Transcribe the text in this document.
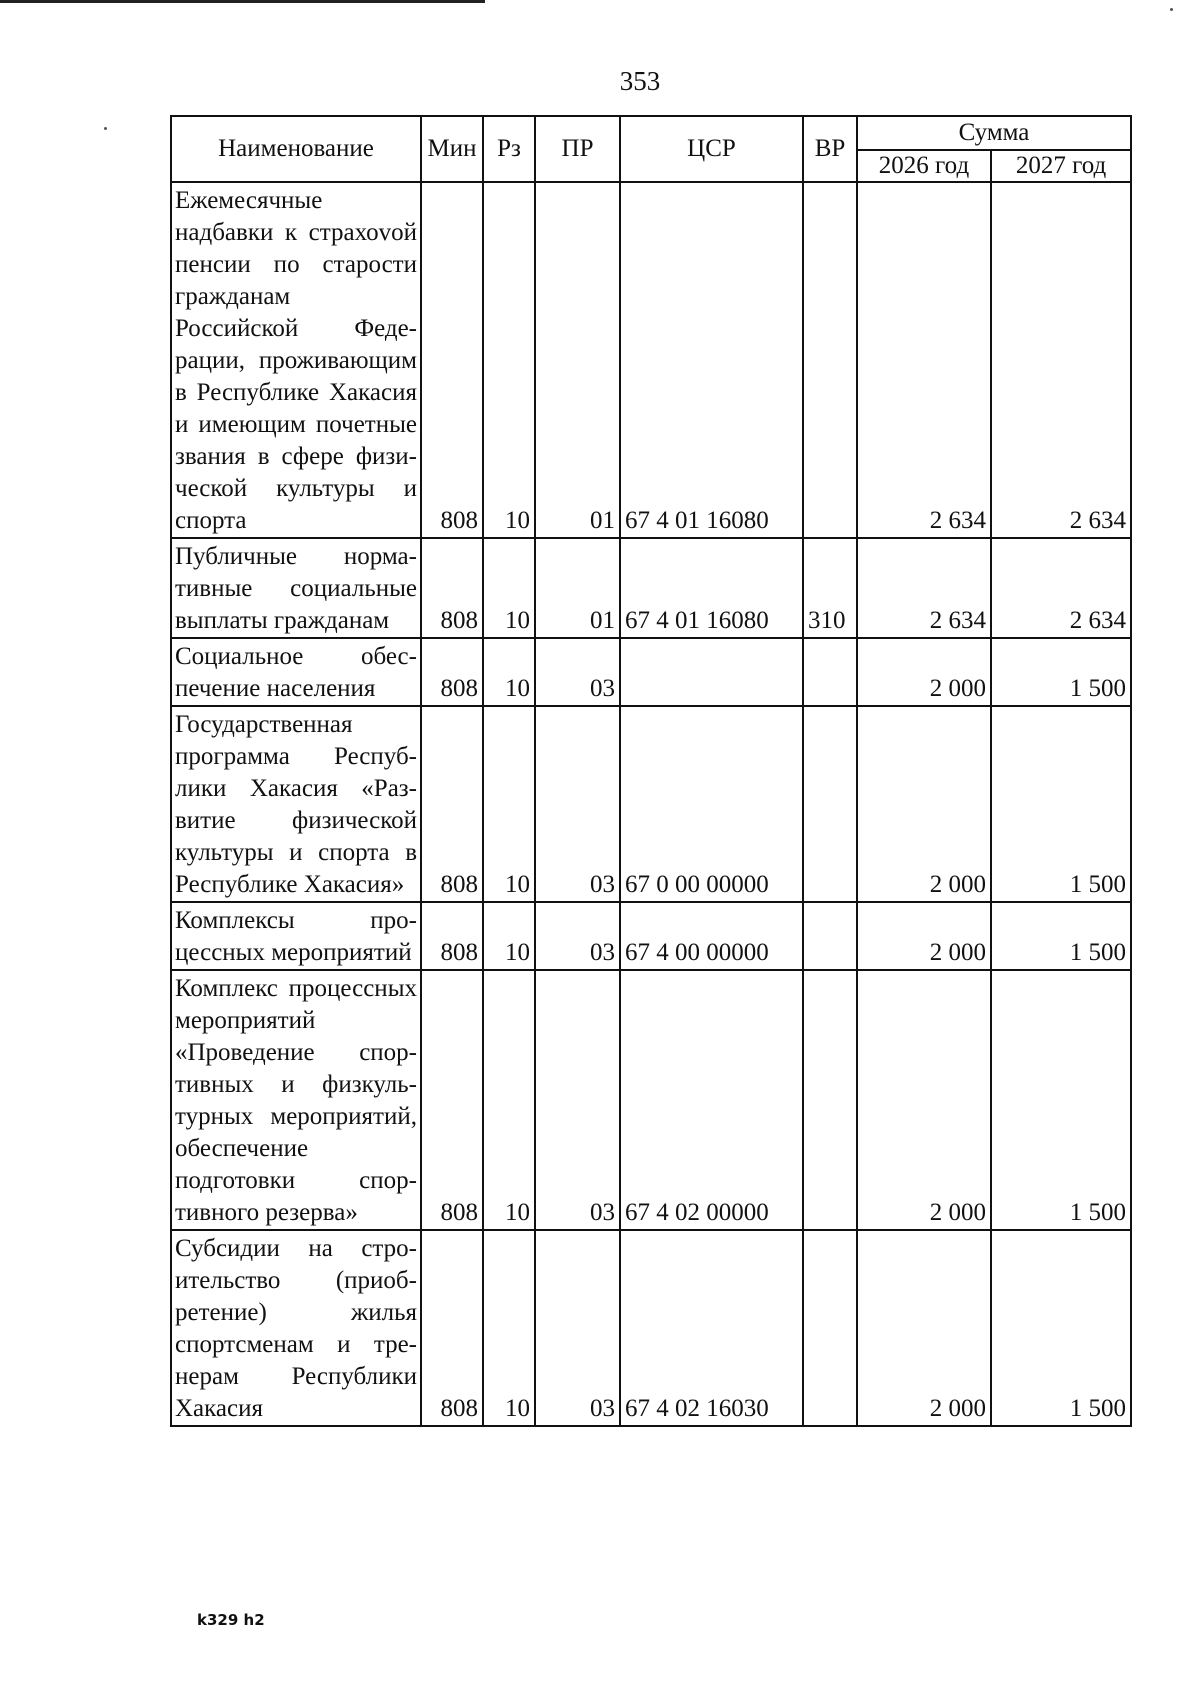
353
Наименование	Мин	Рз	ПР	ЦСР	ВР	Сумма	
						2026 год	2027 год
Ежемесячные надбавки к страхоvой пенсии по старости гражданам Российской Федерации, проживающим в Республике Хакасия и имеющим почетные звания в сфере физической культуры и спорта	808	10	01	67 4 01 16080		2 634	2 634
Публичные нормативные социальные выплаты гражданам	808	10	01	67 4 01 16080	310	2 634	2 634
Социальное обеспечение населения	808	10	03			2 000	1 500
Государственная программа Республики Хакасия «Развитие физической культуры и спорта в Республике Хакасия»	808	10	03	67 0 00 00000		2 000	1 500
Комплексы процессных мероприятий	808	10	03	67 4 00 00000		2 000	1 500
Комплекс процессных мероприятий «Проведение спортивных и физкультурных мероприятий, обеспечение подготовки спортивного резерва»	808	10	03	67 4 02 00000		2 000	1 500
Субсидии на строительство (приобретение) жилья спортсменам и тренерам Республики Хакасия	808	10	03	67 4 02 16030		2 000	1 500
k329 h2
